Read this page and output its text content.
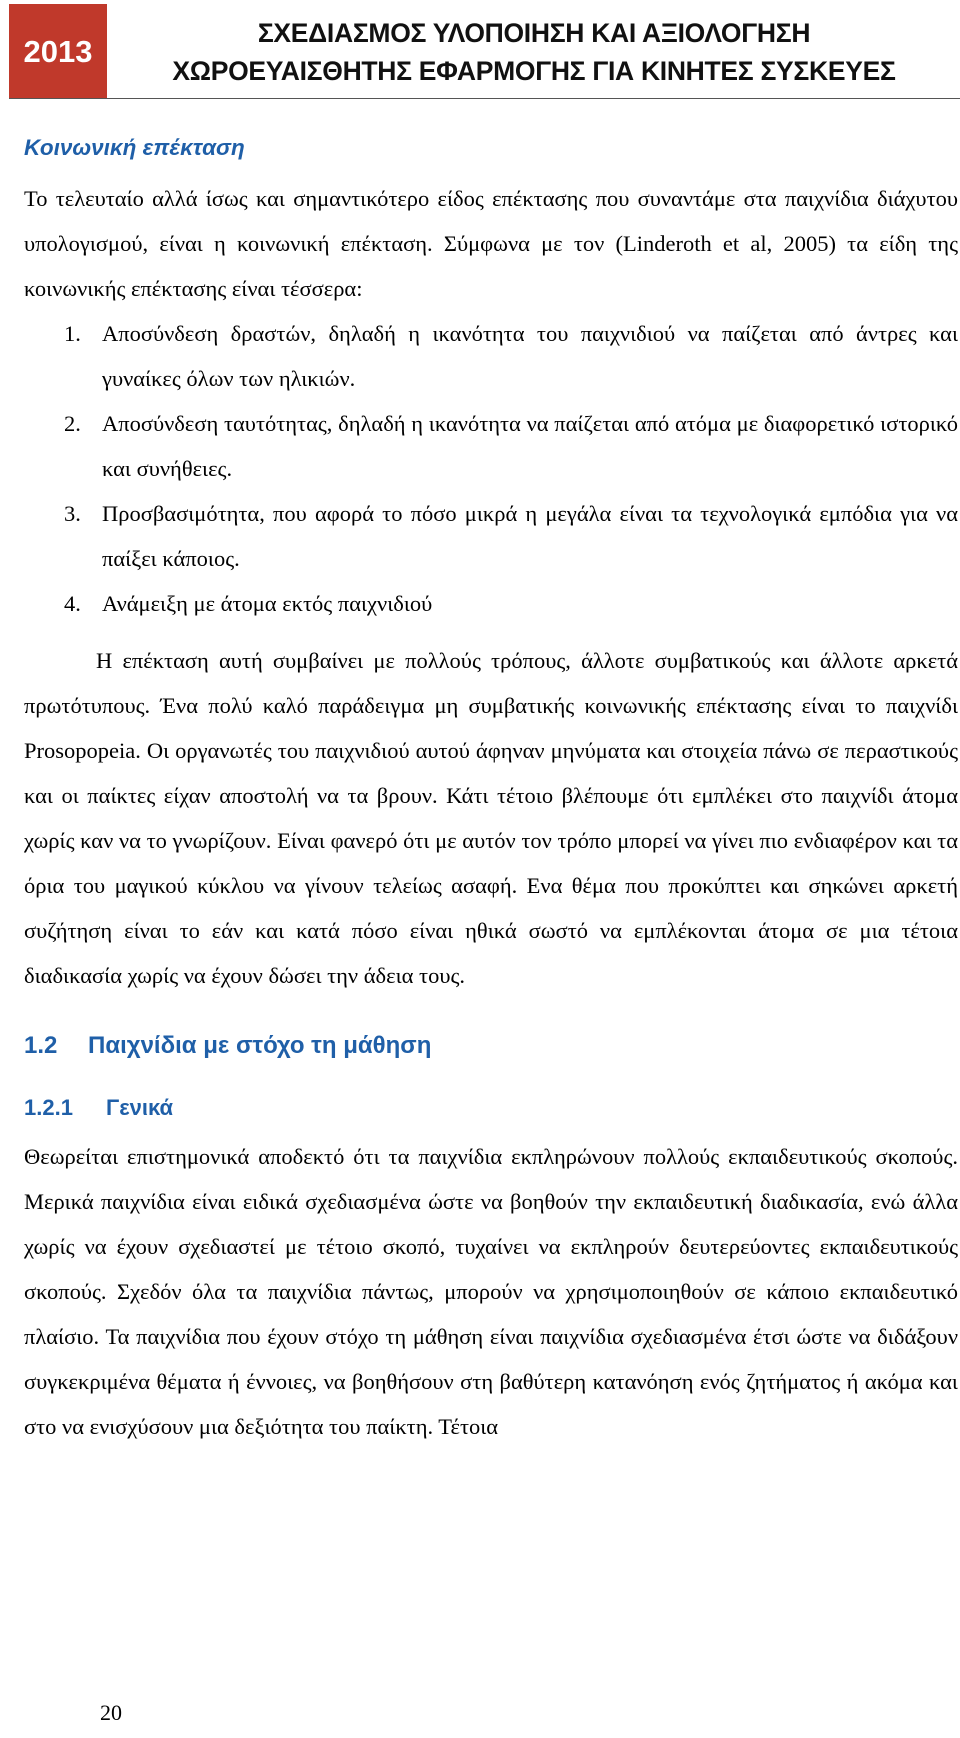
2013
ΣΧΕΔΙΑΣΜΟΣ ΥΛΟΠΟΙΗΣΗ ΚΑΙ ΑΞΙΟΛΟΓΗΣΗ
ΧΩΡΟΕΥΑΙΣΘΗΤΗΣ ΕΦΑΡΜΟΓΗΣ ΓΙΑ ΚΙΝΗΤΕΣ ΣΥΣΚΕΥΕΣ
Κοινωνική επέκταση

Το τελευταίο αλλά ίσως και σημαντικότερο είδος επέκτασης που συναντάμε στα παιχνίδια διάχυτου υπολογισμού, είναι η κοινωνική επέκταση. Σύμφωνα με τον (Linderoth et al, 2005) τα είδη της κοινωνικής επέκτασης είναι τέσσερα:

1. Αποσύνδεση δραστών, δηλαδή η ικανότητα του παιχνιδιού να παίζεται από άντρες και γυναίκες όλων των ηλικιών.
2. Αποσύνδεση ταυτότητας, δηλαδή η ικανότητα να παίζεται από ατόμα με διαφορετικό ιστορικό και συνήθειες.
3. Προσβασιμότητα, που αφορά το πόσο μικρά η μεγάλα είναι τα τεχνολογικά εμπόδια για να παίξει κάποιος.
4. Ανάμειξη με άτομα εκτός παιχνιδιού

Η επέκταση αυτή συμβαίνει με πολλούς τρόπους, άλλοτε συμβατικούς και άλλοτε αρκετά πρωτότυπους. Ένα πολύ καλό παράδειγμα μη συμβατικής κοινωνικής επέκτασης είναι το παιχνίδι Prosopopeia. Οι οργανωτές του παιχνιδιού αυτού άφηναν μηνύματα και στοιχεία πάνω σε περαστικούς και οι παίκτες είχαν αποστολή να τα βρουν. Κάτι τέτοιο βλέπουμε ότι εμπλέκει στο παιχνίδι άτομα χωρίς καν να το γνωρίζουν. Είναι φανερό ότι με αυτόν τον τρόπο μπορεί να γίνει πιο ενδιαφέρον και τα όρια του μαγικού κύκλου να γίνουν τελείως ασαφή. Ενα θέμα που προκύπτει και σηκώνει αρκετή συζήτηση είναι το εάν και κατά πόσο είναι ηθικά σωστό να εμπλέκονται άτομα σε μια τέτοια διαδικασία χωρίς να έχουν δώσει την άδεια τους.

1.2 Παιχνίδια με στόχο τη μάθηση
1.2.1 Γενικά

Θεωρείται επιστημονικά αποδεκτό ότι τα παιχνίδια εκπληρώνουν πολλούς εκπαιδευτικούς σκοπούς. Μερικά παιχνίδια είναι ειδικά σχεδιασμένα ώστε να βοηθούν την εκπαιδευτική διαδικασία, ενώ άλλα χωρίς να έχουν σχεδιαστεί με τέτοιο σκοπό, τυχαίνει να εκπληρούν δευτερεύοντες εκπαιδευτικούς σκοπούς. Σχεδόν όλα τα παιχνίδια πάντως, μπορούν να χρησιμοποιηθούν σε κάποιο εκπαιδευτικό πλαίσιο. Τα παιχνίδια που έχουν στόχο τη μάθηση είναι παιχνίδια σχεδιασμένα έτσι ώστε να διδάξουν συγκεκριμένα θέματα ή έννοιες, να βοηθήσουν στη βαθύτερη κατανόηση ενός ζητήματος ή ακόμα και στο να ενισχύσουν μια δεξιότητα του παίκτη. Τέτοια

20
